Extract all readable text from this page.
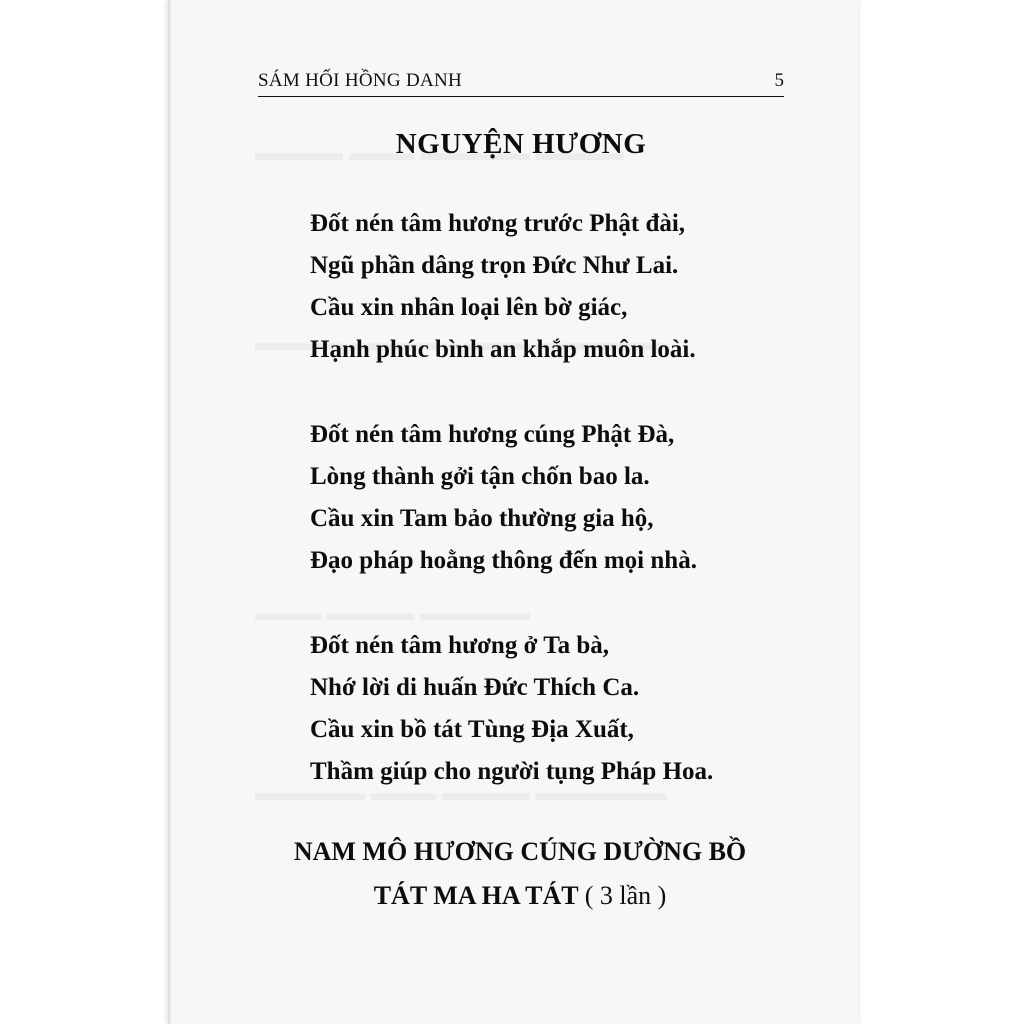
SÁM HỐI HỒNG DANH	5
NGUYỆN HƯƠNG
Đốt nén tâm hương trước Phật đài,
Ngũ phần dâng trọn Đức Như Lai.
Cầu xin nhân loại lên bờ giác,
Hạnh phúc bình an khắp muôn loài.
Đốt nén tâm hương cúng Phật Đà,
Lòng thành gởi tận chốn bao la.
Cầu xin Tam bảo thường gia hộ,
Đạo pháp hoằng thông đến mọi nhà.
Đốt nén tâm hương ở Ta bà,
Nhớ lời di huấn Đức Thích Ca.
Cầu xin bồ tát Tùng Địa Xuất,
Thầm giúp cho người tụng Pháp Hoa.
NAM MÔ HƯƠNG CÚNG DƯỜNG BỒ
TÁT MA HA TÁT ( 3 lần )
